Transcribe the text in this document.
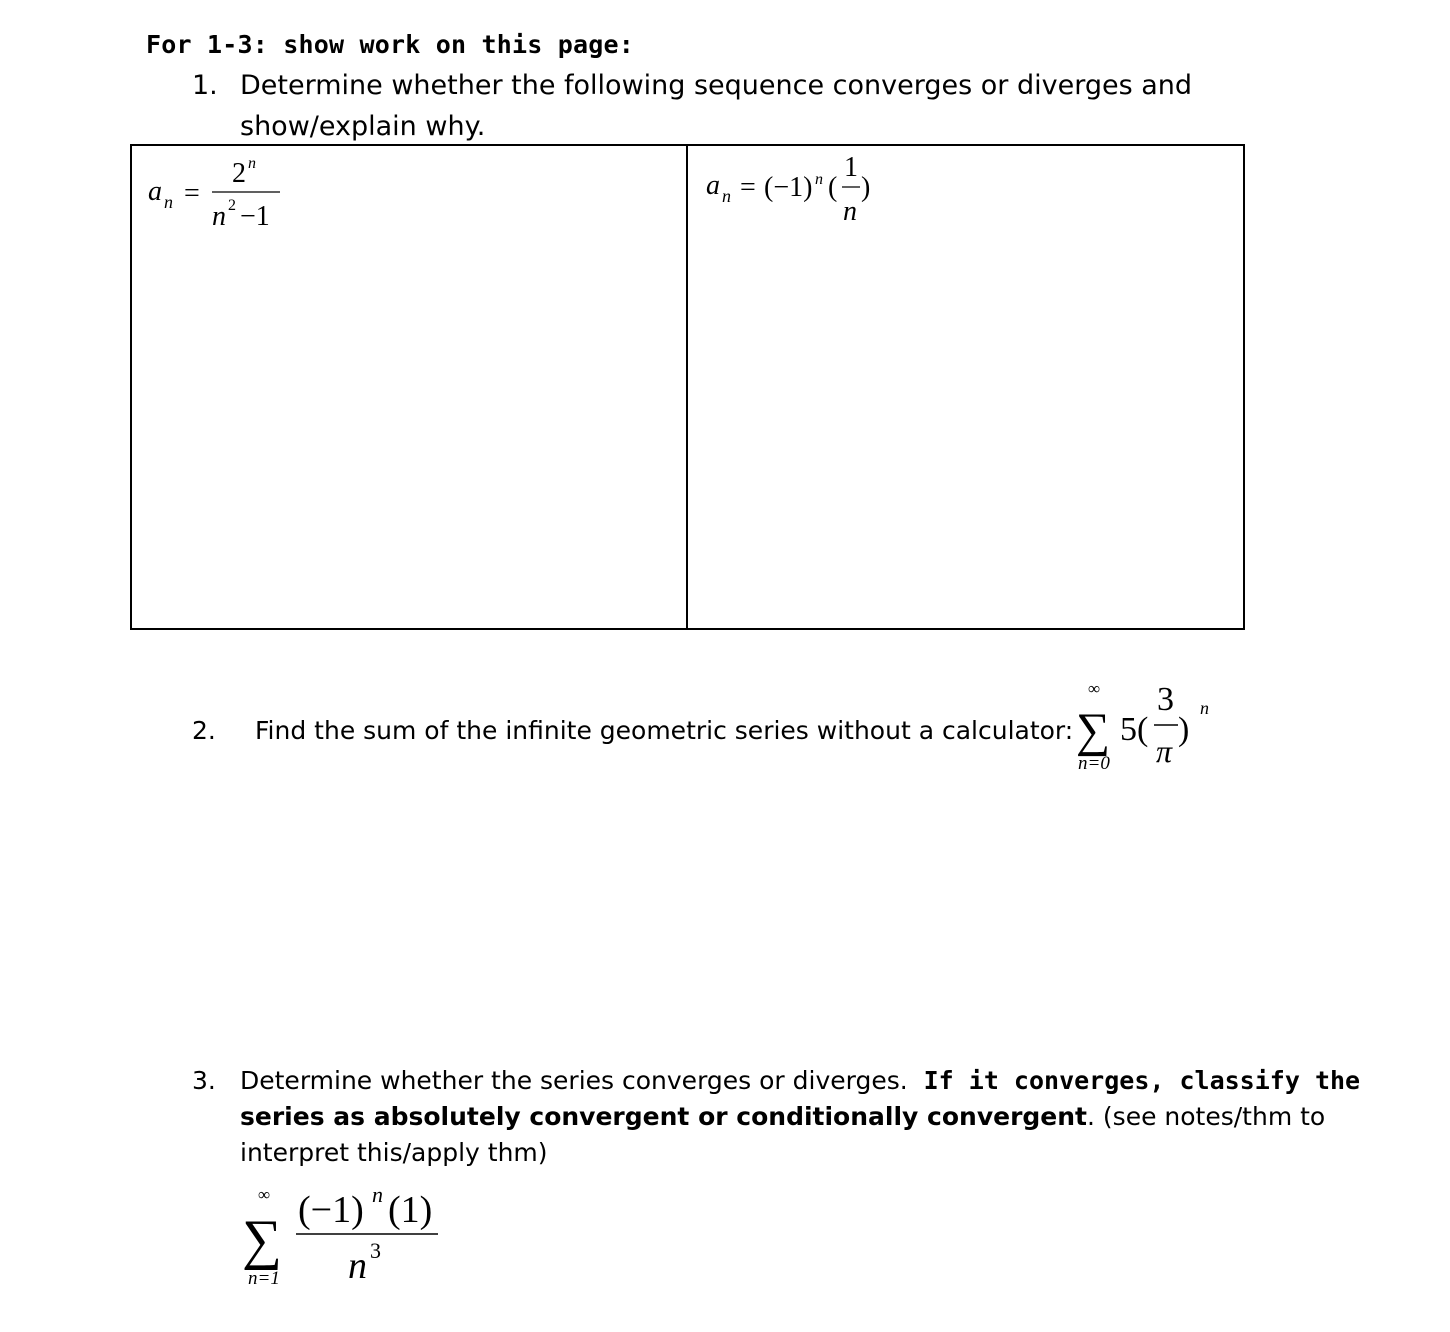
For 1-3: show work on this page:
1. Determine whether the following sequence converges or diverges and
show/explain why.
a n =
2 n
n 2 −1
a n = (−1) n (
1
n
)
2. Find the sum of the infinite geometric series without a calculator:
∞
∑
n=0
5(
3
π
)
n
3. Determine whether the series converges or diverges. If it converges, classify the
series as absolutely convergent or conditionally convergent. (see notes/thm to
interpret this/apply thm)
∞
∑
n=1
(−1) n (1)
n 3
